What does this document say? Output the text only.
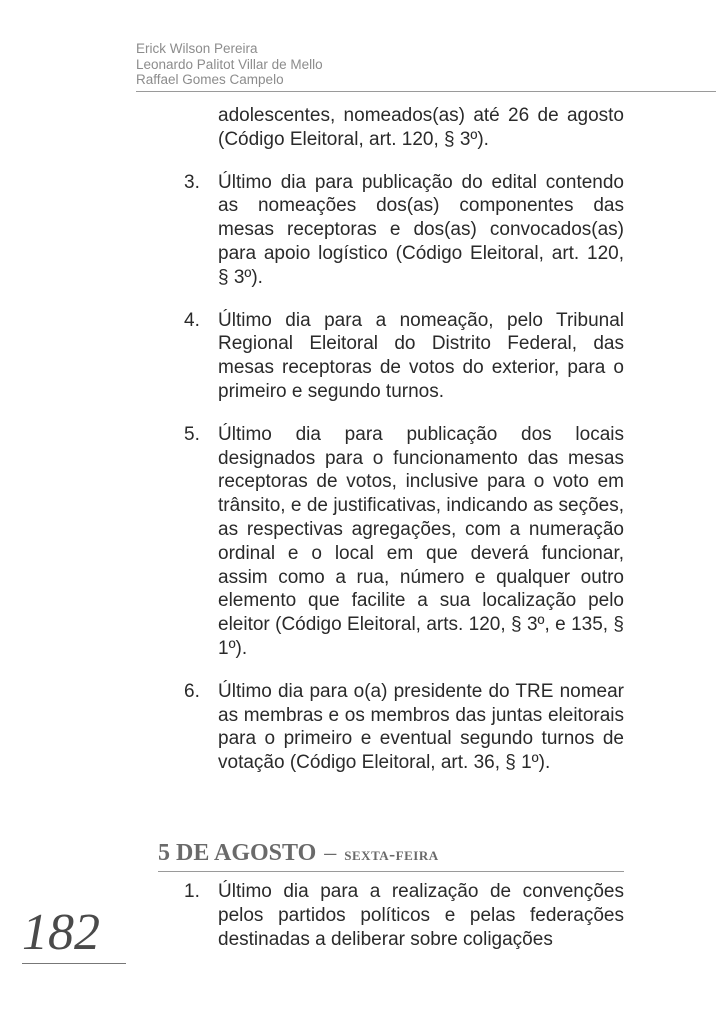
Erick Wilson Pereira
Leonardo Palitot Villar de Mello
Raffael Gomes Campelo
adolescentes, nomeados(as) até 26 de agosto (Código Eleitoral, art. 120, § 3º).
3. Último dia para publicação do edital contendo as nomeações dos(as) componentes das mesas receptoras e dos(as) convocados(as) para apoio logístico (Código Eleitoral, art. 120, § 3º).
4. Último dia para a nomeação, pelo Tribunal Regional Eleitoral do Distrito Federal, das mesas receptoras de votos do exterior, para o primeiro e segundo turnos.
5. Último dia para publicação dos locais designados para o funcionamento das mesas receptoras de votos, inclusive para o voto em trânsito, e de justificativas, indicando as seções, as respectivas agregações, com a numeração ordinal e o local em que deverá funcionar, assim como a rua, número e qualquer outro elemento que facilite a sua localização pelo eleitor (Código Eleitoral, arts. 120, § 3º, e 135, § 1º).
6. Último dia para o(a) presidente do TRE nomear as membras e os membros das juntas eleitorais para o primeiro e eventual segundo turnos de votação (Código Eleitoral, art. 36, § 1º).
5 DE AGOSTO – sexta-feira
1. Último dia para a realização de convenções pelos partidos políticos e pelas federações destinadas a deliberar sobre coligações
182
